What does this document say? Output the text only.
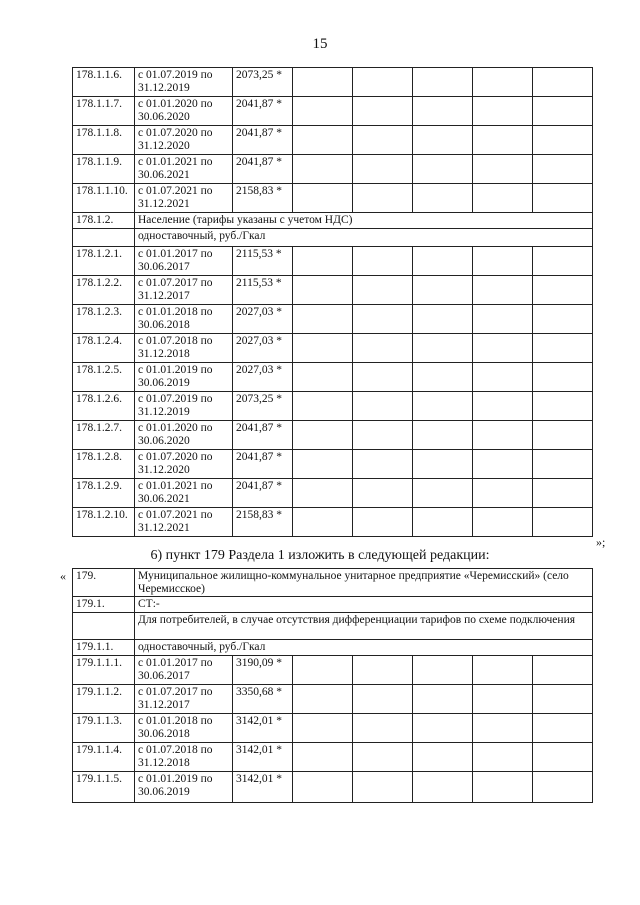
15
178.1.1.6.	с 01.07.2019 по 31.12.2019	2073,25 *					
178.1.1.7.	с 01.01.2020 по 30.06.2020	2041,87 *					
178.1.1.8.	с 01.07.2020 по 31.12.2020	2041,87 *					
178.1.1.9.	с 01.01.2021 по 30.06.2021	2041,87 *					
178.1.1.10.	с 01.07.2021 по 31.12.2021	2158,83 *					
178.1.2.	Население (тарифы указаны с учетом НДС)						
	одноставочный, руб./Гкал						
178.1.2.1.	с 01.01.2017 по 30.06.2017	2115,53 *					
178.1.2.2.	с 01.07.2017 по 31.12.2017	2115,53 *					
178.1.2.3.	с 01.01.2018 по 30.06.2018	2027,03 *					
178.1.2.4.	с 01.07.2018 по 31.12.2018	2027,03 *					
178.1.2.5.	с 01.01.2019 по 30.06.2019	2027,03 *					
178.1.2.6.	с 01.07.2019 по 31.12.2019	2073,25 *					
178.1.2.7.	с 01.01.2020 по 30.06.2020	2041,87 *					
178.1.2.8.	с 01.07.2020 по 31.12.2020	2041,87 *					
178.1.2.9.	с 01.01.2021 по 30.06.2021	2041,87 *					
178.1.2.10.	с 01.07.2021 по 31.12.2021	2158,83 *					
»;
6) пункт 179 Раздела 1 изложить в следующей редакции:
« 179.	Муниципальное жилищно-коммунальное унитарное предприятие «Черемисский» (село Черемисское)						
179.1.	СТ:-						
	Для потребителей, в случае отсутствия дифференциации тарифов по схеме подключения						
179.1.1.	одноставочный, руб./Гкал						
179.1.1.1.	с 01.01.2017 по 30.06.2017	3190,09 *					
179.1.1.2.	с 01.07.2017 по 31.12.2017	3350,68 *					
179.1.1.3.	с 01.01.2018 по 30.06.2018	3142,01 *					
179.1.1.4.	с 01.07.2018 по 31.12.2018	3142,01 *					
179.1.1.5.	с 01.01.2019 по 30.06.2019	3142,01 *					
